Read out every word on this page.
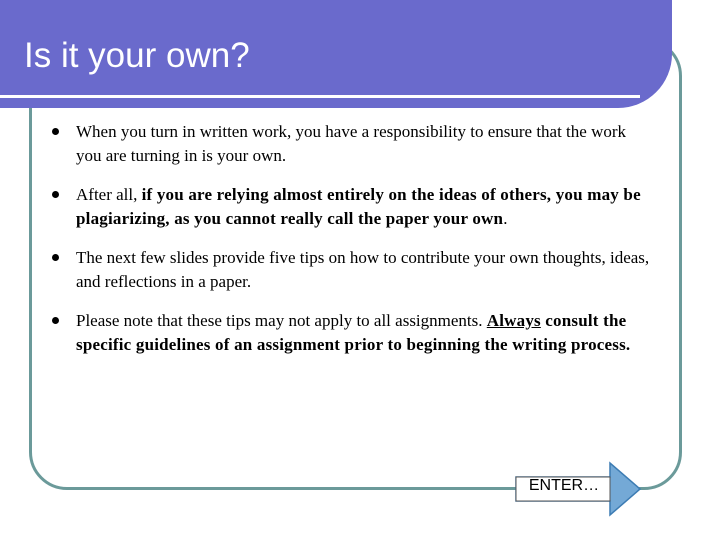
Is it your own?
When you turn in written work, you have a responsibility to ensure that the work you are turning in is your own.
After all, if you are relying almost entirely on the ideas of others, you may be plagiarizing, as you cannot really call the paper your own.
The next few slides provide five tips on how to contribute your own thoughts, ideas, and reflections in a paper.
Please note that these tips may not apply to all assignments. Always consult the specific guidelines of an assignment prior to beginning the writing process.
ENTER…
